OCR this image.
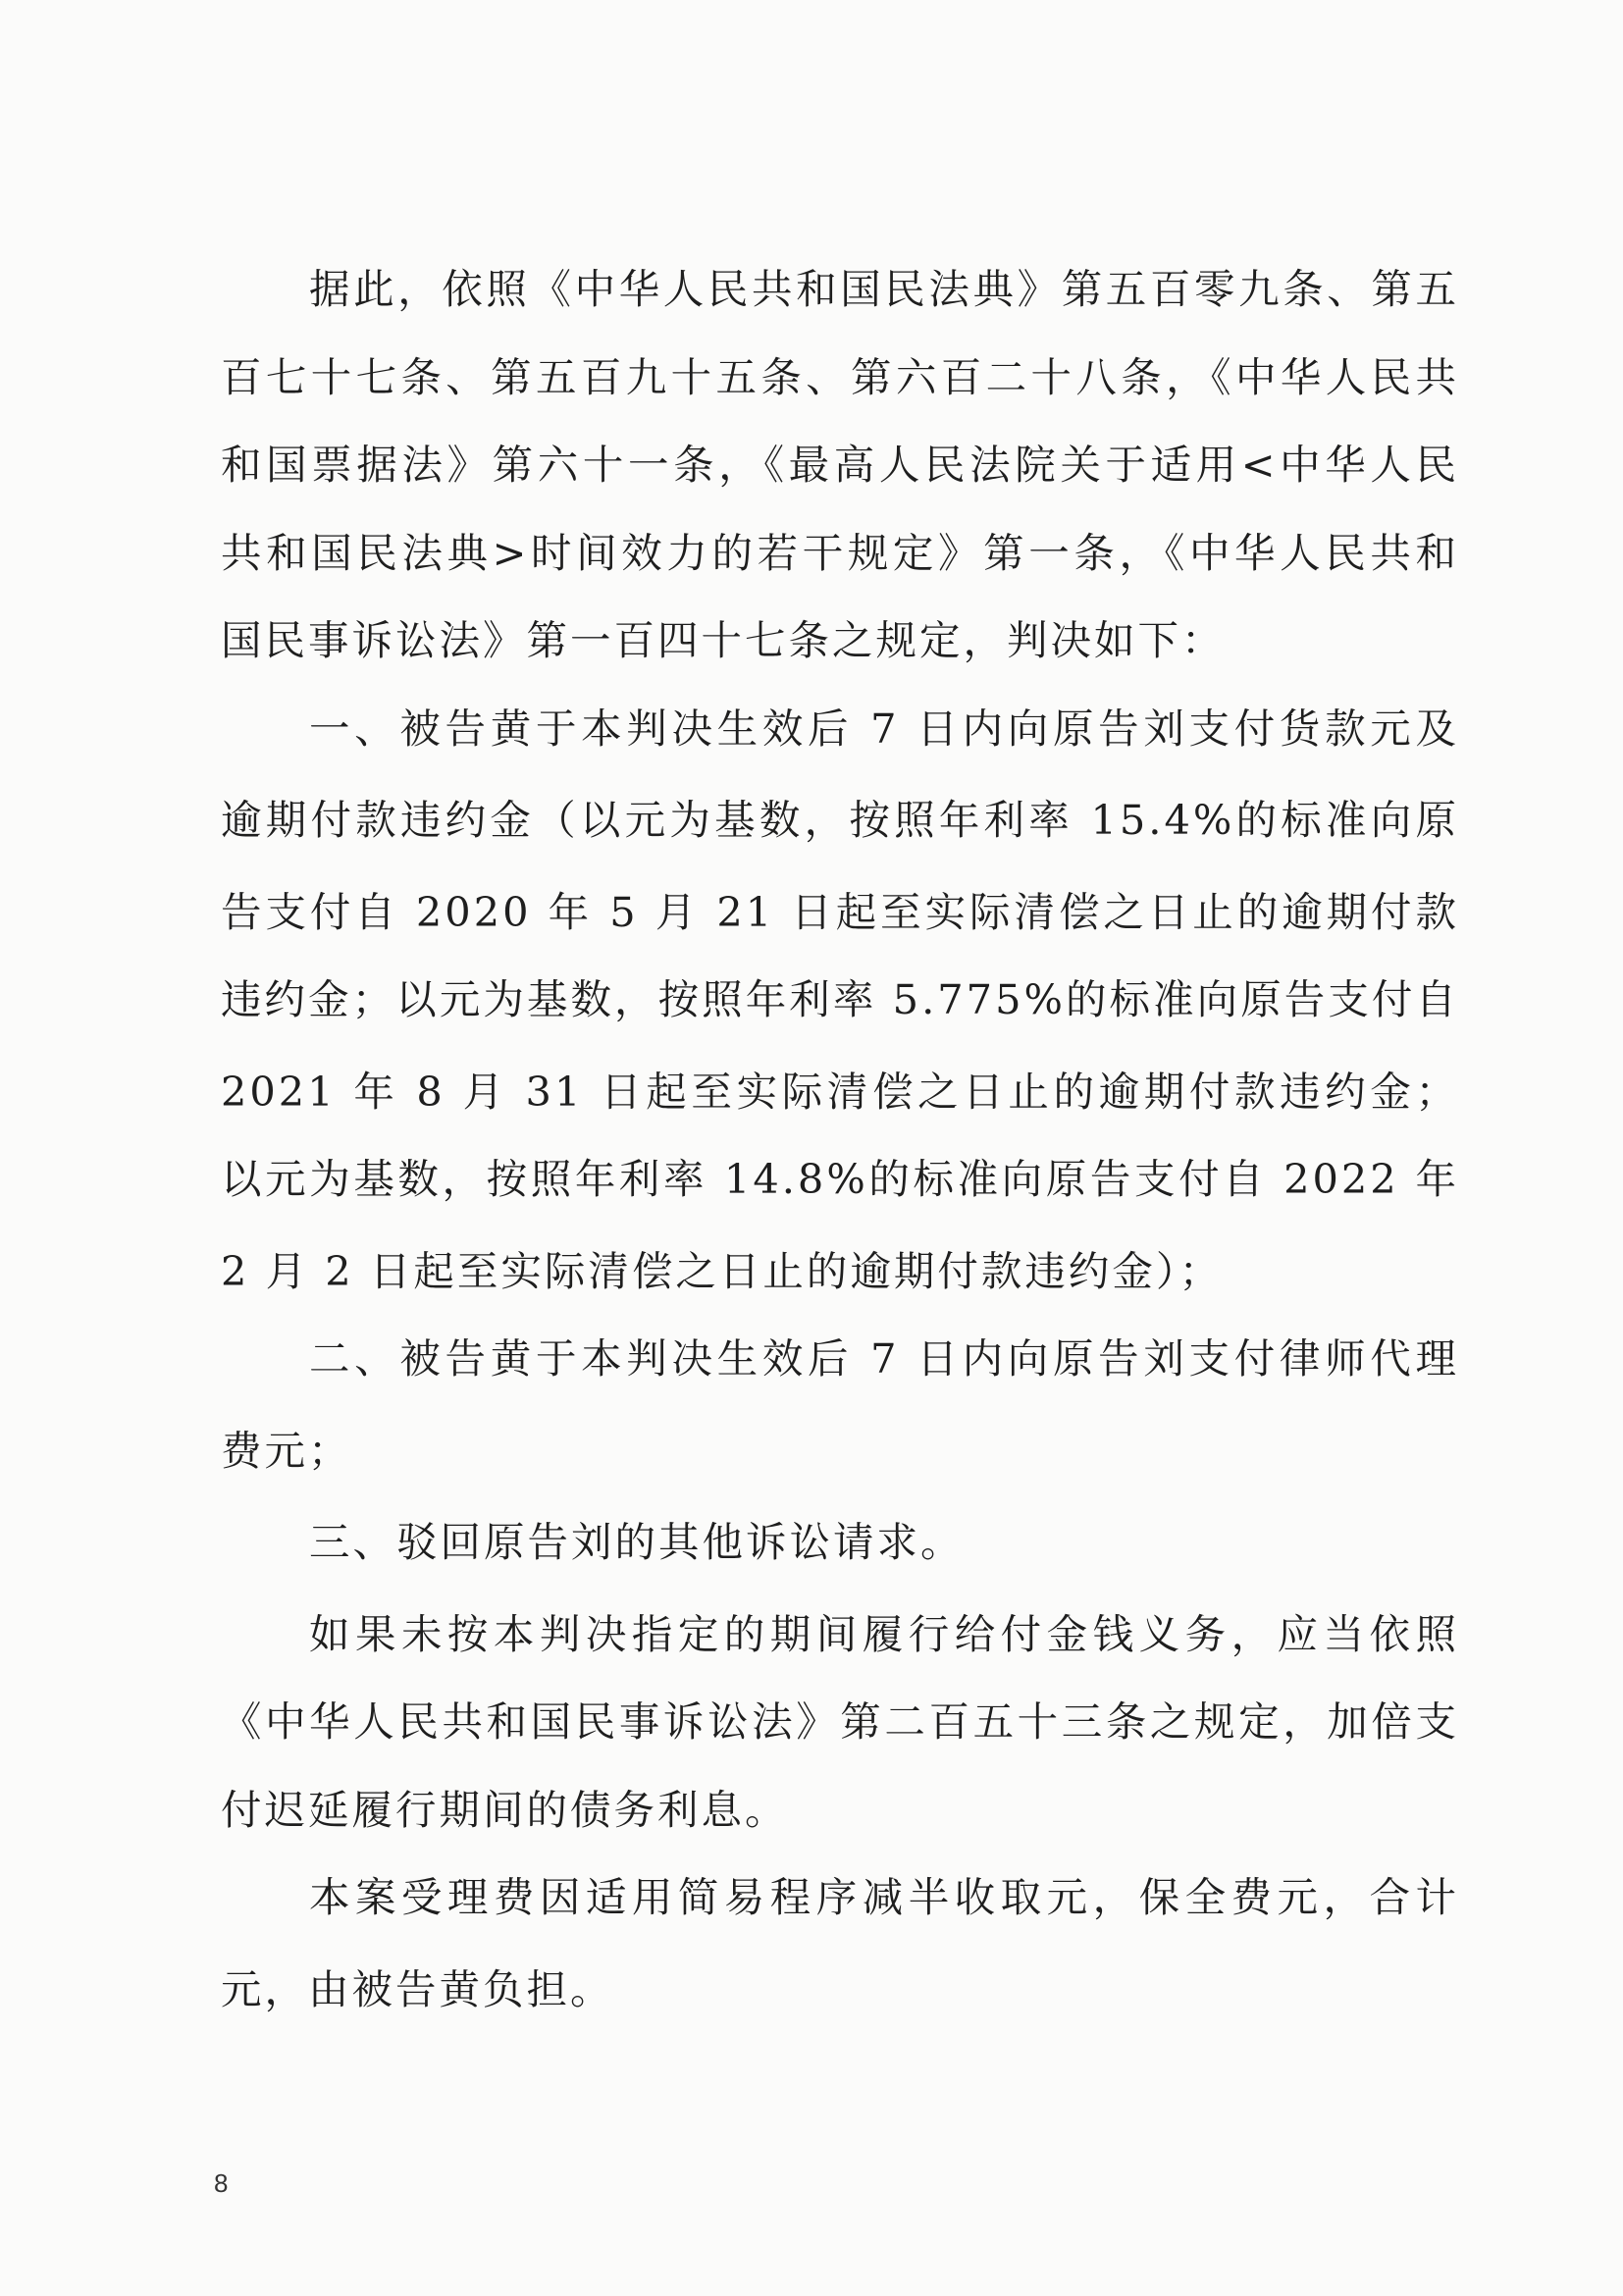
据此，依照《中华人民共和国民法典》第五百零九条、第五百七十七条、第五百九十五条、第六百二十八条，《中华人民共和国票据法》第六十一条，《最高人民法院关于适用<中华人民共和国民法典>时间效力的若干规定》第一条，《中华人民共和国民事诉讼法》第一百四十七条之规定，判决如下：

一、被告黄于本判决生效后 7 日内向原告刘支付货款元及逾期付款违约金（以元为基数，按照年利率 15.4%的标准向原告支付自 2020 年 5 月 21 日起至实际清偿之日止的逾期付款违约金；以元为基数，按照年利率 5.775%的标准向原告支付自 2021 年 8 月 31 日起至实际清偿之日止的逾期付款违约金；以元为基数，按照年利率 14.8%的标准向原告支付自 2022 年 2 月 2 日起至实际清偿之日止的逾期付款违约金）；

二、被告黄于本判决生效后 7 日内向原告刘支付律师代理费元；

三、驳回原告刘的其他诉讼请求。

如果未按本判决指定的期间履行给付金钱义务，应当依照《中华人民共和国民事诉讼法》第二百五十三条之规定，加倍支付迟延履行期间的债务利息。

本案受理费因适用简易程序减半收取元，保全费元，合计元，由被告黄负担。

8
